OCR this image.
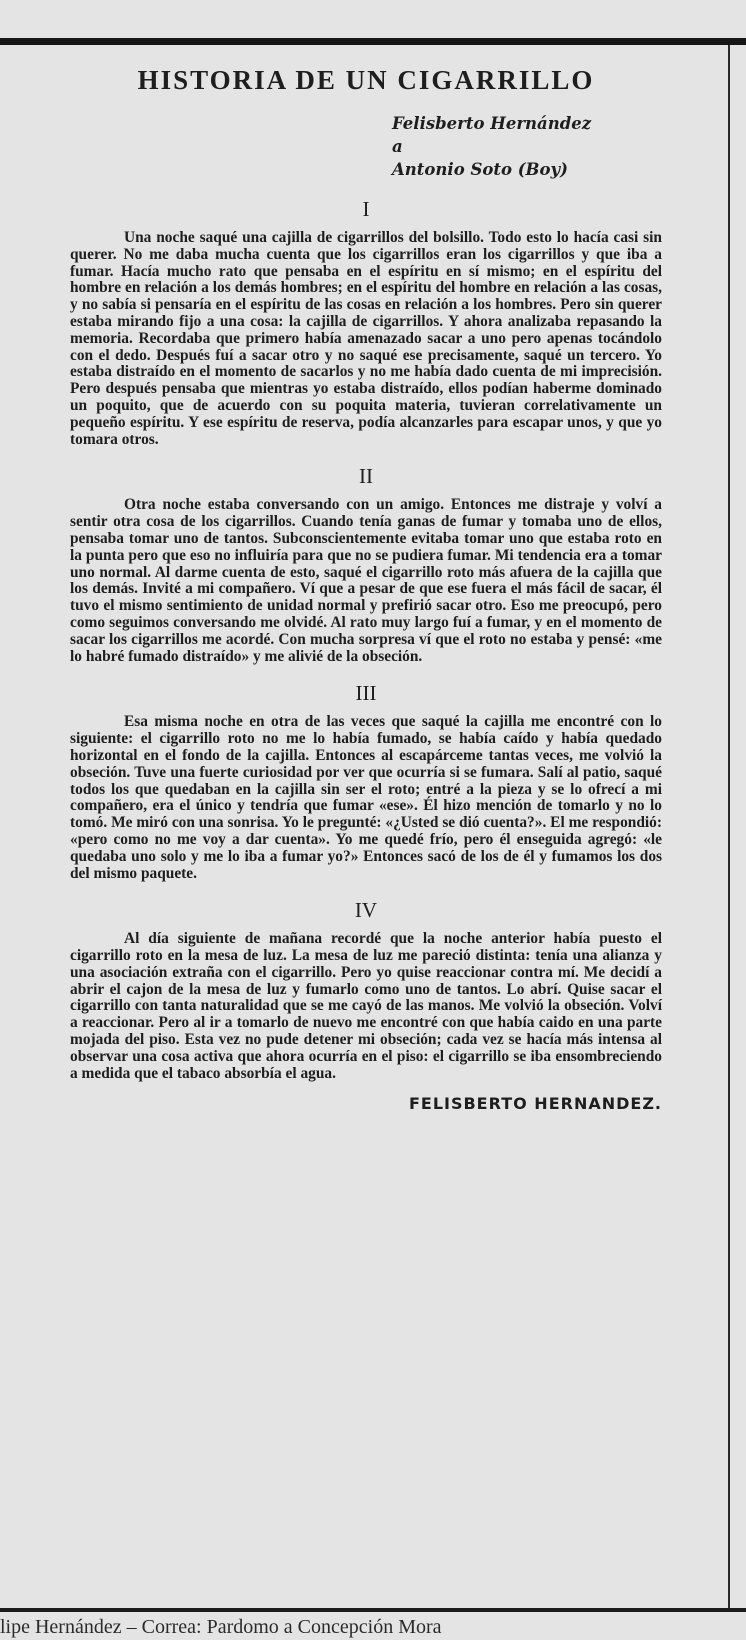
HISTORIA DE UN CIGARRILLO
Felisberto Hernández
a
Antonio Soto (Boy)
I

Una noche saqué una cajilla de cigarrillos del bolsillo. Todo esto lo hacía casi sin querer. No me daba mucha cuenta que los cigarrillos eran los cigarrillos y que iba a fumar. Hacía mucho rato que pensaba en el espíritu en sí mismo; en el espíritu del hombre en relación a los demás hombres; en el espíritu del hombre en relación a las cosas, y no sabía si pensaría en el espíritu de las cosas en relación a los hombres. Pero sin querer estaba mirando fijo a una cosa: la cajilla de cigarrillos. Y ahora analizaba repasando la memoria. Recordaba que primero había amenazado sacar a uno pero apenas tocándolo con el dedo. Después fuí a sacar otro y no saqué ese precisamente, saqué un tercero. Yo estaba distraído en el momento de sacarlos y no me había dado cuenta de mi imprecisión. Pero después pensaba que mientras yo estaba distraído, ellos podían haberme dominado un poquito, que de acuerdo con su poquita materia, tuvieran correlativamente un pequeño espíritu. Y ese espíritu de reserva, podía alcanzarles para escapar unos, y que yo tomara otros.

II

Otra noche estaba conversando con un amigo. Entonces me distraje y volví a sentir otra cosa de los cigarrillos. Cuando tenía ganas de fumar y tomaba uno de ellos, pensaba tomar uno de tantos. Subconscientemente evitaba tomar uno que estaba roto en la punta pero que eso no influiría para que no se pudiera fumar. Mi tendencia era a tomar uno normal. Al darme cuenta de esto, saqué el cigarrillo roto más afuera de la cajilla que los demás. Invité a mi compañero. Ví que a pesar de que ese fuera el más fácil de sacar, él tuvo el mismo sentimiento de unidad normal y prefirió sacar otro. Eso me preocupó, pero como seguimos conversando me olvidé. Al rato muy largo fuí a fumar, y en el momento de sacar los cigarrillos me acordé. Con mucha sorpresa ví que el roto no estaba y pensé: «me lo habré fumado distraído» y me alivié de la obseción.

III

Esa misma noche en otra de las veces que saqué la cajilla me encontré con lo siguiente: el cigarrillo roto no me lo había fumado, se había caído y había quedado horizontal en el fondo de la cajilla. Entonces al escapárceme tantas veces, me volvió la obseción. Tuve una fuerte curiosidad por ver que ocurría si se fumara. Salí al patio, saqué todos los que quedaban en la cajilla sin ser el roto; entré a la pieza y se lo ofrecí a mi compañero, era el único y tendría que fumar «ese». Él hizo mención de tomarlo y no lo tomó. Me miró con una sonrisa. Yo le pregunté: «¿Usted se dió cuenta?». El me respondió: «pero como no me voy a dar cuenta». Yo me quedé frío, pero él enseguida agregó: «le quedaba uno solo y me lo iba a fumar yo?» Entonces sacó de los de él y fumamos los dos del mismo paquete.

IV

Al día siguiente de mañana recordé que la noche anterior había puesto el cigarrillo roto en la mesa de luz. La mesa de luz me pareció distinta: tenía una alianza y una asociación extraña con el cigarrillo. Pero yo quise reaccionar contra mí. Me decidí a abrir el cajon de la mesa de luz y fumarlo como uno de tantos. Lo abrí. Quise sacar el cigarrillo con tanta naturalidad que se me cayó de las manos. Me volvió la obseción. Volví a reaccionar. Pero al ir a tomarlo de nuevo me encontré con que había caido en una parte mojada del piso. Esta vez no pude detener mi obseción; cada vez se hacía más intensa al observar una cosa activa que ahora ocurría en el piso: el cigarrillo se iba ensombreciendo a medida que el tabaco absorbía el agua.

FELISBERTO HERNANDEZ.
lipe Hernández – Correa: Pardomo a Concepción Mora
